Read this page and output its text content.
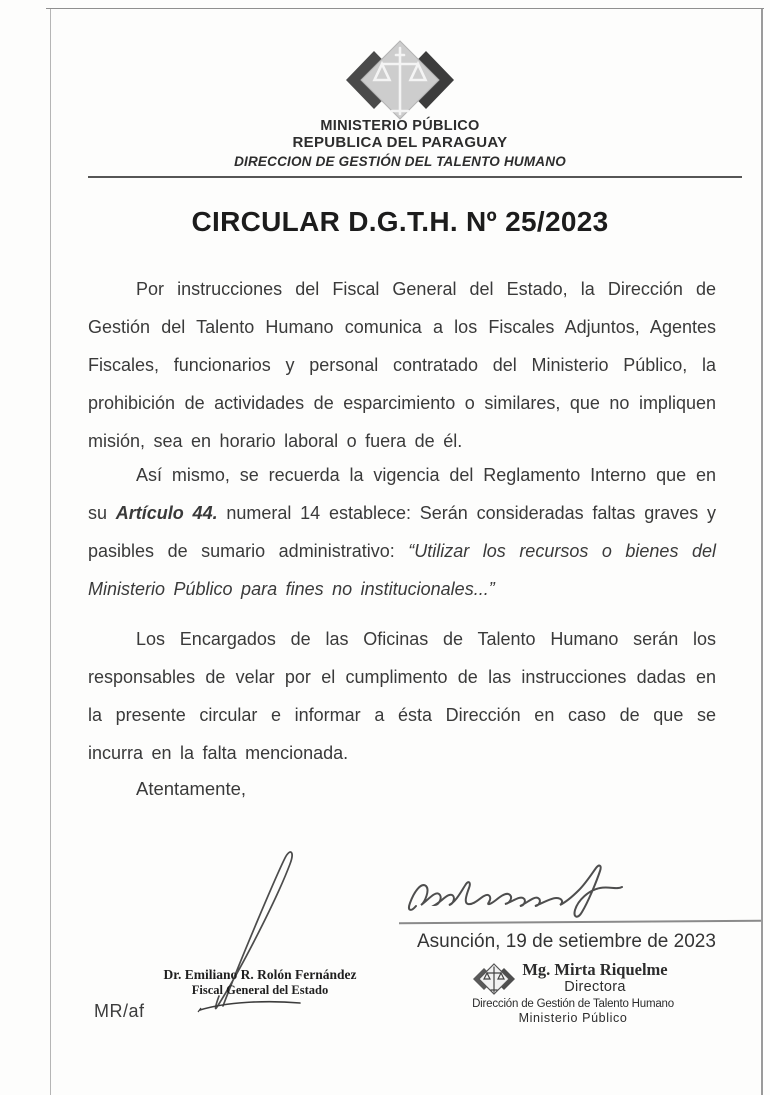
MINISTERIO PÚBLICO
REPUBLICA DEL PARAGUAY
DIRECCION DE GESTIÓN DEL TALENTO HUMANO
CIRCULAR D.G.T.H. Nº 25/2023
Por instrucciones del Fiscal General del Estado, la Dirección de Gestión del Talento Humano comunica a los Fiscales Adjuntos, Agentes Fiscales, funcionarios y personal contratado del Ministerio Público, la prohibición de actividades de esparcimiento o similares, que no impliquen misión, sea en horario laboral o fuera de él.
Así mismo, se recuerda la vigencia del Reglamento Interno que en su Artículo 44. numeral 14 establece: Serán consideradas faltas graves y pasibles de sumario administrativo: “Utilizar los recursos o bienes del Ministerio Público para fines no institucionales...”
Los Encargados de las Oficinas de Talento Humano serán los responsables de velar por el cumplimento de las instrucciones dadas en la presente circular e informar a ésta Dirección en caso de que se incurra en la falta mencionada.
Atentamente,
Dr. Emiliano R. Rolón Fernández
Fiscal General del Estado
MR/af
Asunción, 19 de setiembre de 2023
Mg. Mirta Riquelme
Directora
Dirección de Gestión de Talento Humano
Ministerio Público
